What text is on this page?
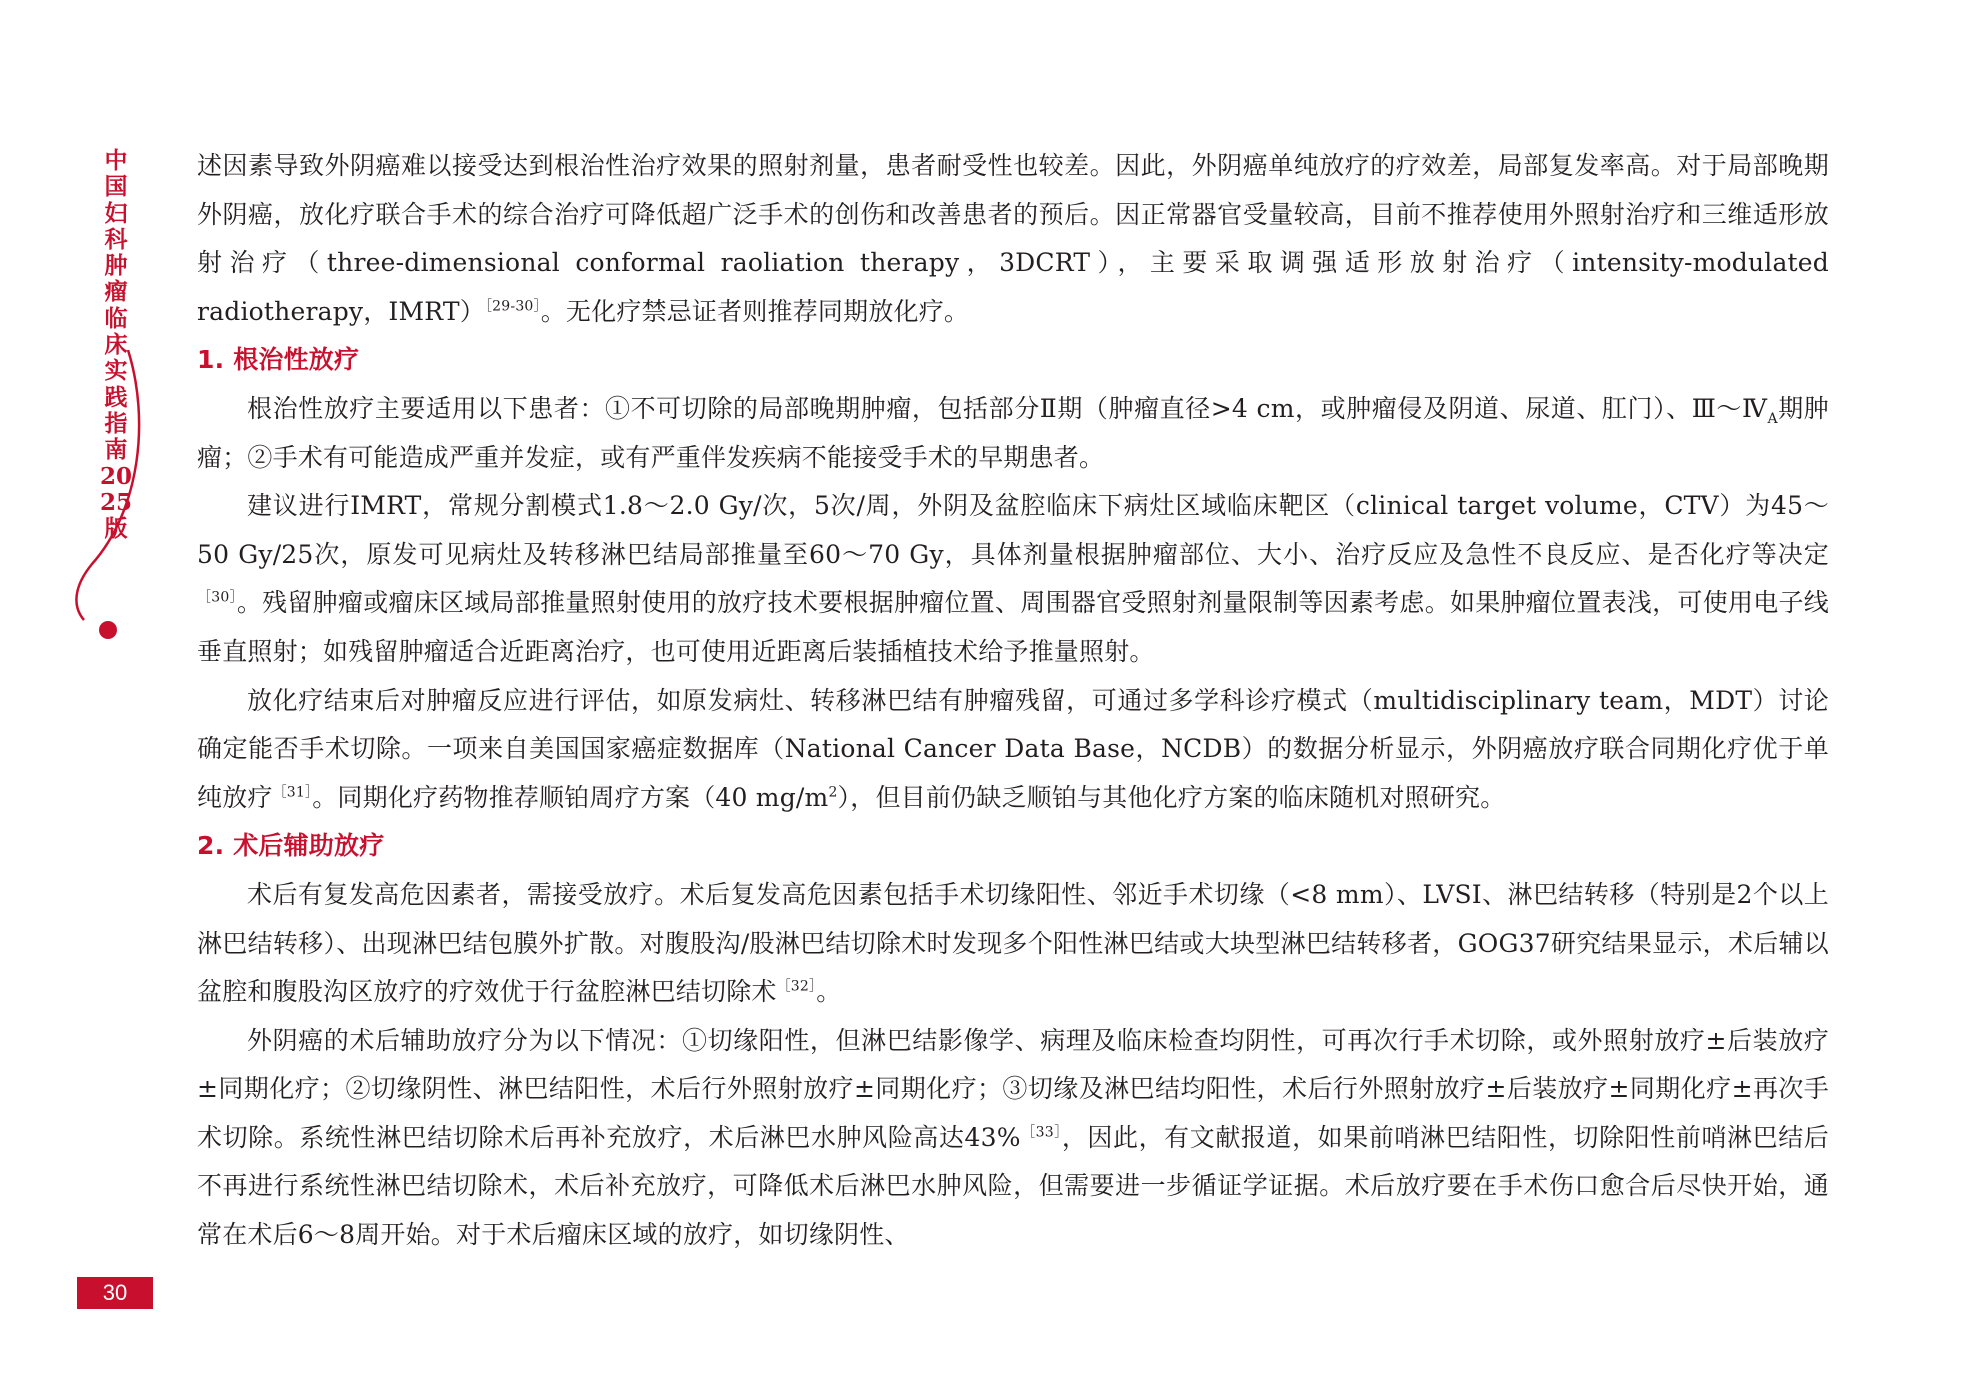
中国妇科肿瘤临床实践指南2025版

述因素导致外阴癌难以接受达到根治性治疗效果的照射剂量，患者耐受性也较差。因此，外阴癌单纯放疗的疗效差，局部复发率高。对于局部晚期外阴癌，放化疗联合手术的综合治疗可降低超广泛手术的创伤和改善患者的预后。因正常器官受量较高，目前不推荐使用外照射治疗和三维适形放射治疗（three-dimensional conformal raoliation therapy，3DCRT），主要采取调强适形放射治疗（intensity-modulated radiotherapy，IMRT）$^{[29-30]}$。无化疗禁忌证者则推荐同期放化疗。

1. 根治性放疗

根治性放疗主要适用以下患者：①不可切除的局部晚期肿瘤，包括部分Ⅱ期（肿瘤直径>4 cm，或肿瘤侵及阴道、尿道、肛门）、$Ⅲ\sim Ⅳ_A$期肿瘤；②手术有可能造成严重并发症，或有严重伴发疾病不能接受手术的早期患者。

建议进行IMRT，常规分割模式1.8～2.0 Gy/次，5次/周，外阴及盆腔临床下病灶区域临床靶区（clinical target volume，CTV）为45～50 Gy/25次，原发可见病灶及转移淋巴结局部推量至60～70 Gy，具体剂量根据肿瘤部位、大小、治疗反应及急性不良反应、是否化疗等决定$^{[30]}$。残留肿瘤或瘤床区域局部推量照射使用的放疗技术要根据肿瘤位置、周围器官受照射剂量限制等因素考虑。如果肿瘤位置表浅，可使用电子线垂直照射；如残留肿瘤适合近距离治疗，也可使用近距离后装插植技术给予推量照射。

放化疗结束后对肿瘤反应进行评估，如原发病灶、转移淋巴结有肿瘤残留，可通过多学科诊疗模式（multidisciplinary team，MDT）讨论确定能否手术切除。一项来自美国国家癌症数据库（National Cancer Data Base，NCDB）的数据分析显示，外阴癌放疗联合同期化疗优于单纯放疗$^{[31]}$。同期化疗药物推荐顺铂周疗方案（40 $mg/m^2$），但目前仍缺乏顺铂与其他化疗方案的临床随机对照研究。

2. 术后辅助放疗

术后有复发高危因素者，需接受放疗。术后复发高危因素包括手术切缘阳性、邻近手术切缘（<8 mm）、LVSI、淋巴结转移（特别是2个以上淋巴结转移）、出现淋巴结包膜外扩散。对腹股沟/股淋巴结切除术时发现多个阳性淋巴结或大块型淋巴结转移者，GOG37研究结果显示，术后辅以盆腔和腹股沟区放疗的疗效优于行盆腔淋巴结切除术$^{[32]}$。

外阴癌的术后辅助放疗分为以下情况：①切缘阳性，但淋巴结影像学、病理及临床检查均阴性，可再次行手术切除，或外照射放疗±后装放疗±同期化疗；②切缘阴性、淋巴结阳性，术后行外照射放疗±同期化疗；③切缘及淋巴结均阳性，术后行外照射放疗±后装放疗±同期化疗±再次手术切除。系统性淋巴结切除术后再补充放疗，术后淋巴水肿风险高达43%$^{[33]}$，因此，有文献报道，如果前哨淋巴结阳性，切除阳性前哨淋巴结后不再进行系统性淋巴结切除术，术后补充放疗，可降低术后淋巴水肿风险，但需要进一步循证学证据。术后放疗要在手术伤口愈合后尽快开始，通常在术后6～8周开始。对于术后瘤床区域的放疗，如切缘阴性、

30
